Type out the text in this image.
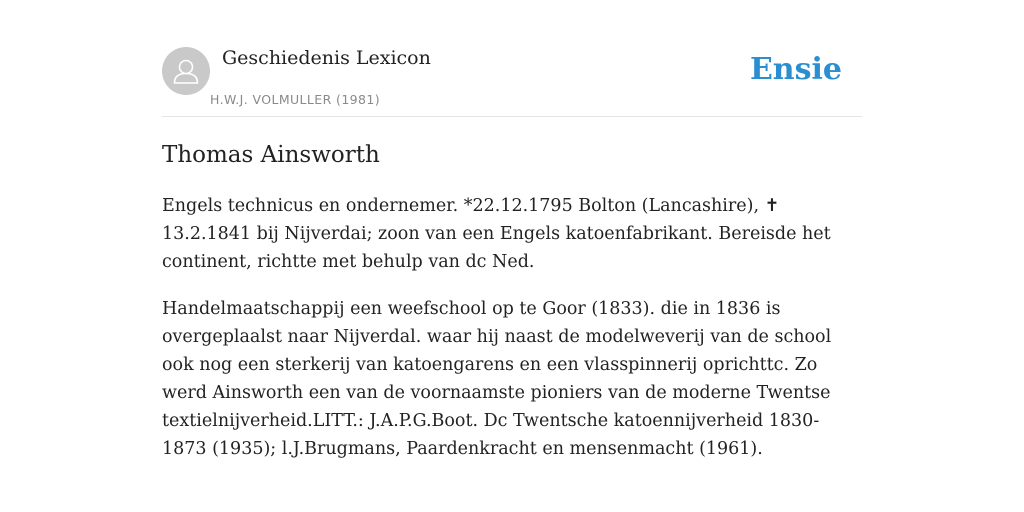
Geschiedenis Lexicon
H.W.J. VOLMULLER (1981)
Ensie
Thomas Ainsworth

Engels technicus en ondernemer. *22.12.1795 Bolton (Lancashire), ✝ 13.2.1841 bij Nijverdai; zoon van een Engels katoenfabrikant. Bereisde het continent, richtte met behulp van dc Ned.

Handelmaatschappij een weefschool op te Goor (1833). die in 1836 is overgeplaalst naar Nijverdal. waar hij naast de modelweverij van de school ook nog een sterkerij van katoengarens en een vlasspinnerij oprichttc. Zo werd Ainsworth een van de voornaamste pioniers van de moderne Twentse textielnijverheid.LITT.: J.A.P.G.Boot. Dc Twentsche katoennijverheid 1830-1873 (1935); l.J.Brugmans, Paardenkracht en mensenmacht (1961).
